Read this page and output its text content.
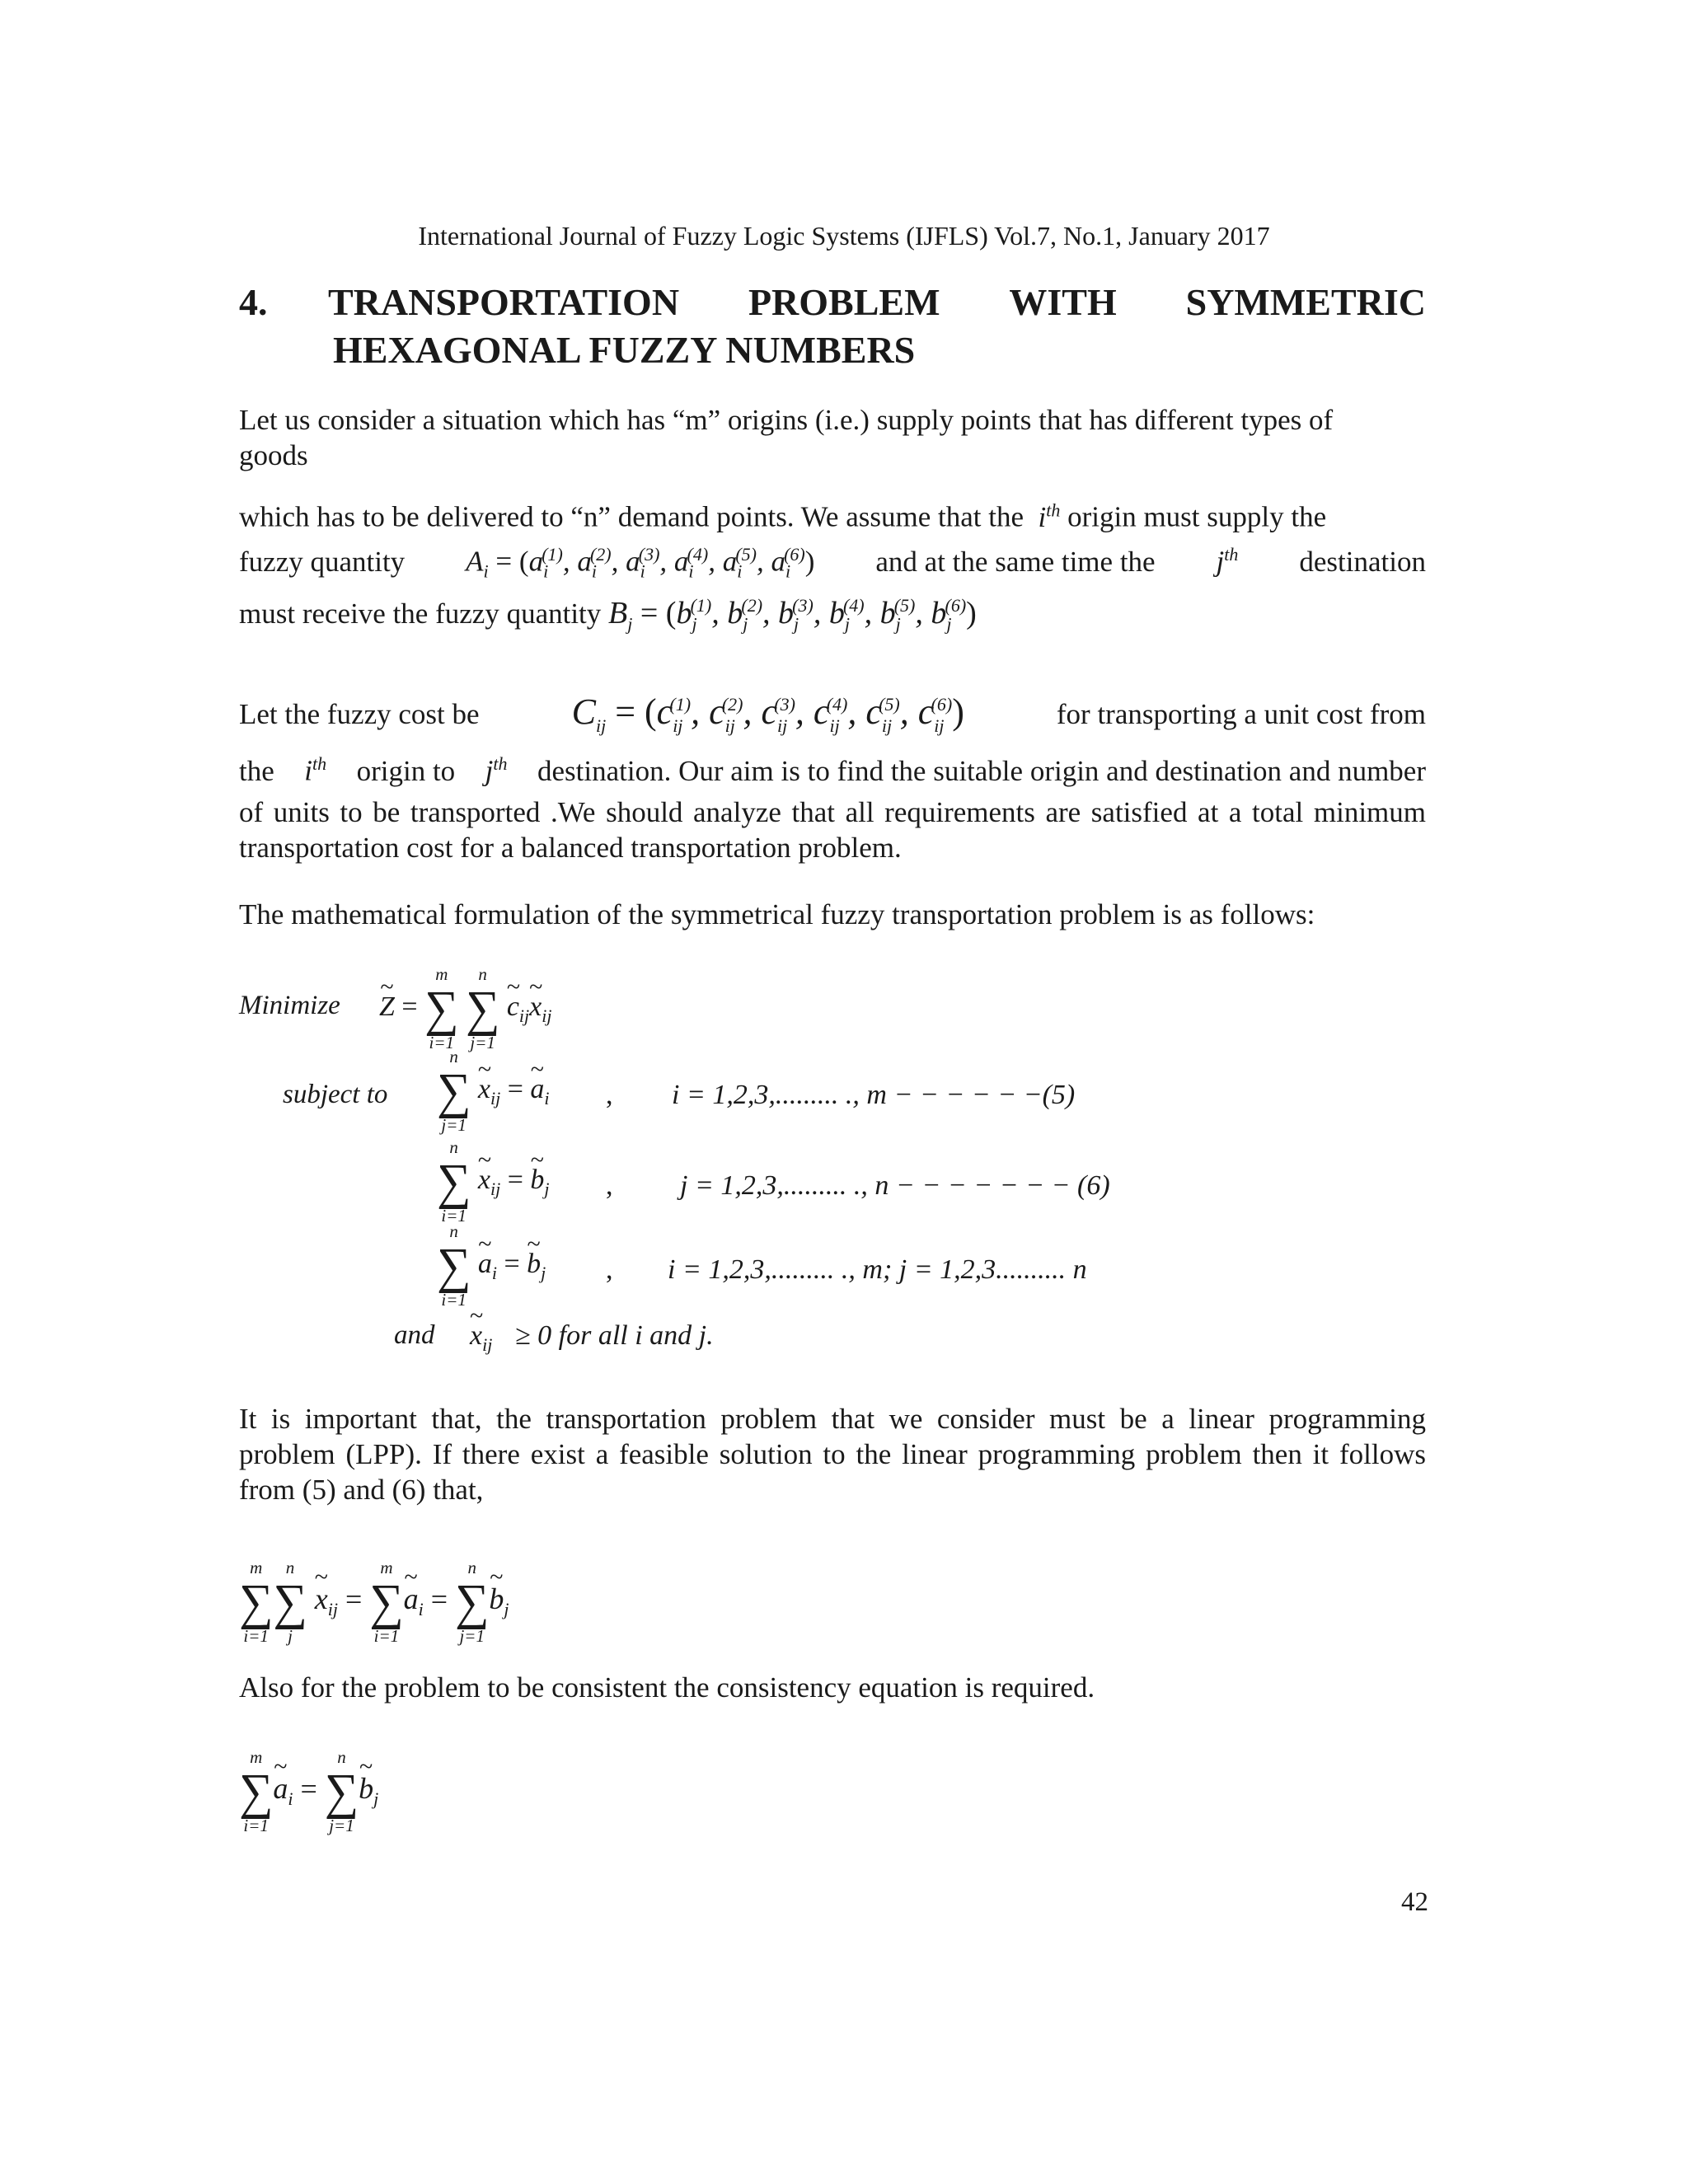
International Journal of Fuzzy Logic Systems (IJFLS) Vol.7, No.1, January 2017
4. TRANSPORTATION PROBLEM WITH SYMMETRIC
HEXAGONAL FUZZY NUMBERS
Let us consider a situation which has “m” origins (i.e.) supply points that has different types of
goods
which has to be delivered to “n” demand points. We assume that the  $i^{th}$ origin must supply the
fuzzy quantity $A_i = (a_i^{(1)}$, $a_i^{(2)}$, $a_i^{(3)}$, $a_i^{(4)}$, $a_i^{(5)}$, $a_i^{(6)}$) and at the same time the $j^{th}$ destination
must receive the fuzzy quantity $B_j = (b_j^{(1)}$, $b_j^{(2)}$, $b_j^{(3)}$, $b_j^{(4)}$, $b_j^{(5)}$, $b_j^{(6)}$)
Let the fuzzy cost be	$C_{ij} = (c_{ij}^{(1)}$, $c_{ij}^{(2)}$, $c_{ij}^{(3)}$, $c_{ij}^{(4)}$, $c_{ij}^{(5)}$, $c_{ij}^{(6)}$)	for transporting a unit cost from
the $i^{th}$ origin to $j^{th}$ destination. Our aim is to find the suitable origin and destination and number
of units to be transported .We should analyze that all requirements are satisfied at a total minimum transportation cost for a balanced transportation problem.
The mathematical formulation of the symmetrical fuzzy transportation problem is as follows:
Minimize ~ Z =
m
∑
i=1

n
∑
j=1
~ $c_{ij}\sim$ $x_{ij}$
subject to
n
∑
j=1
~ $x_{ij}$ = ~ $a_i$ , i = 1,2,3,......... ., m − − − − − −(5)
n
∑
i=1
~ $x_{ij}$ = ~ $b_j$ , j = 1,2,3,......... ., n − − − − − − − (6)
n
∑
i=1
~ $a_i$ = ~ $b_j$ , i = 1,2,3,......... ., m; j = 1,2,3.......... n
and ~ $x_{ij} \ge 0$ for all i and j.
It is important that, the transportation problem that we consider must be a linear programming problem (LPP). If there exist a feasible solution to the linear programming problem then it follows from (5) and (6) that,
m
∑
i=1
n
∑
j
~ $x_{ij}$ =
m
∑
i=1
~ $a_i$ =
n
∑
j=1
~ $b_j$
Also for the problem to be consistent the consistency equation is required.
m
∑
i=1
~ $a_i$ =
n
∑
j=1
~ $b_j$
42
